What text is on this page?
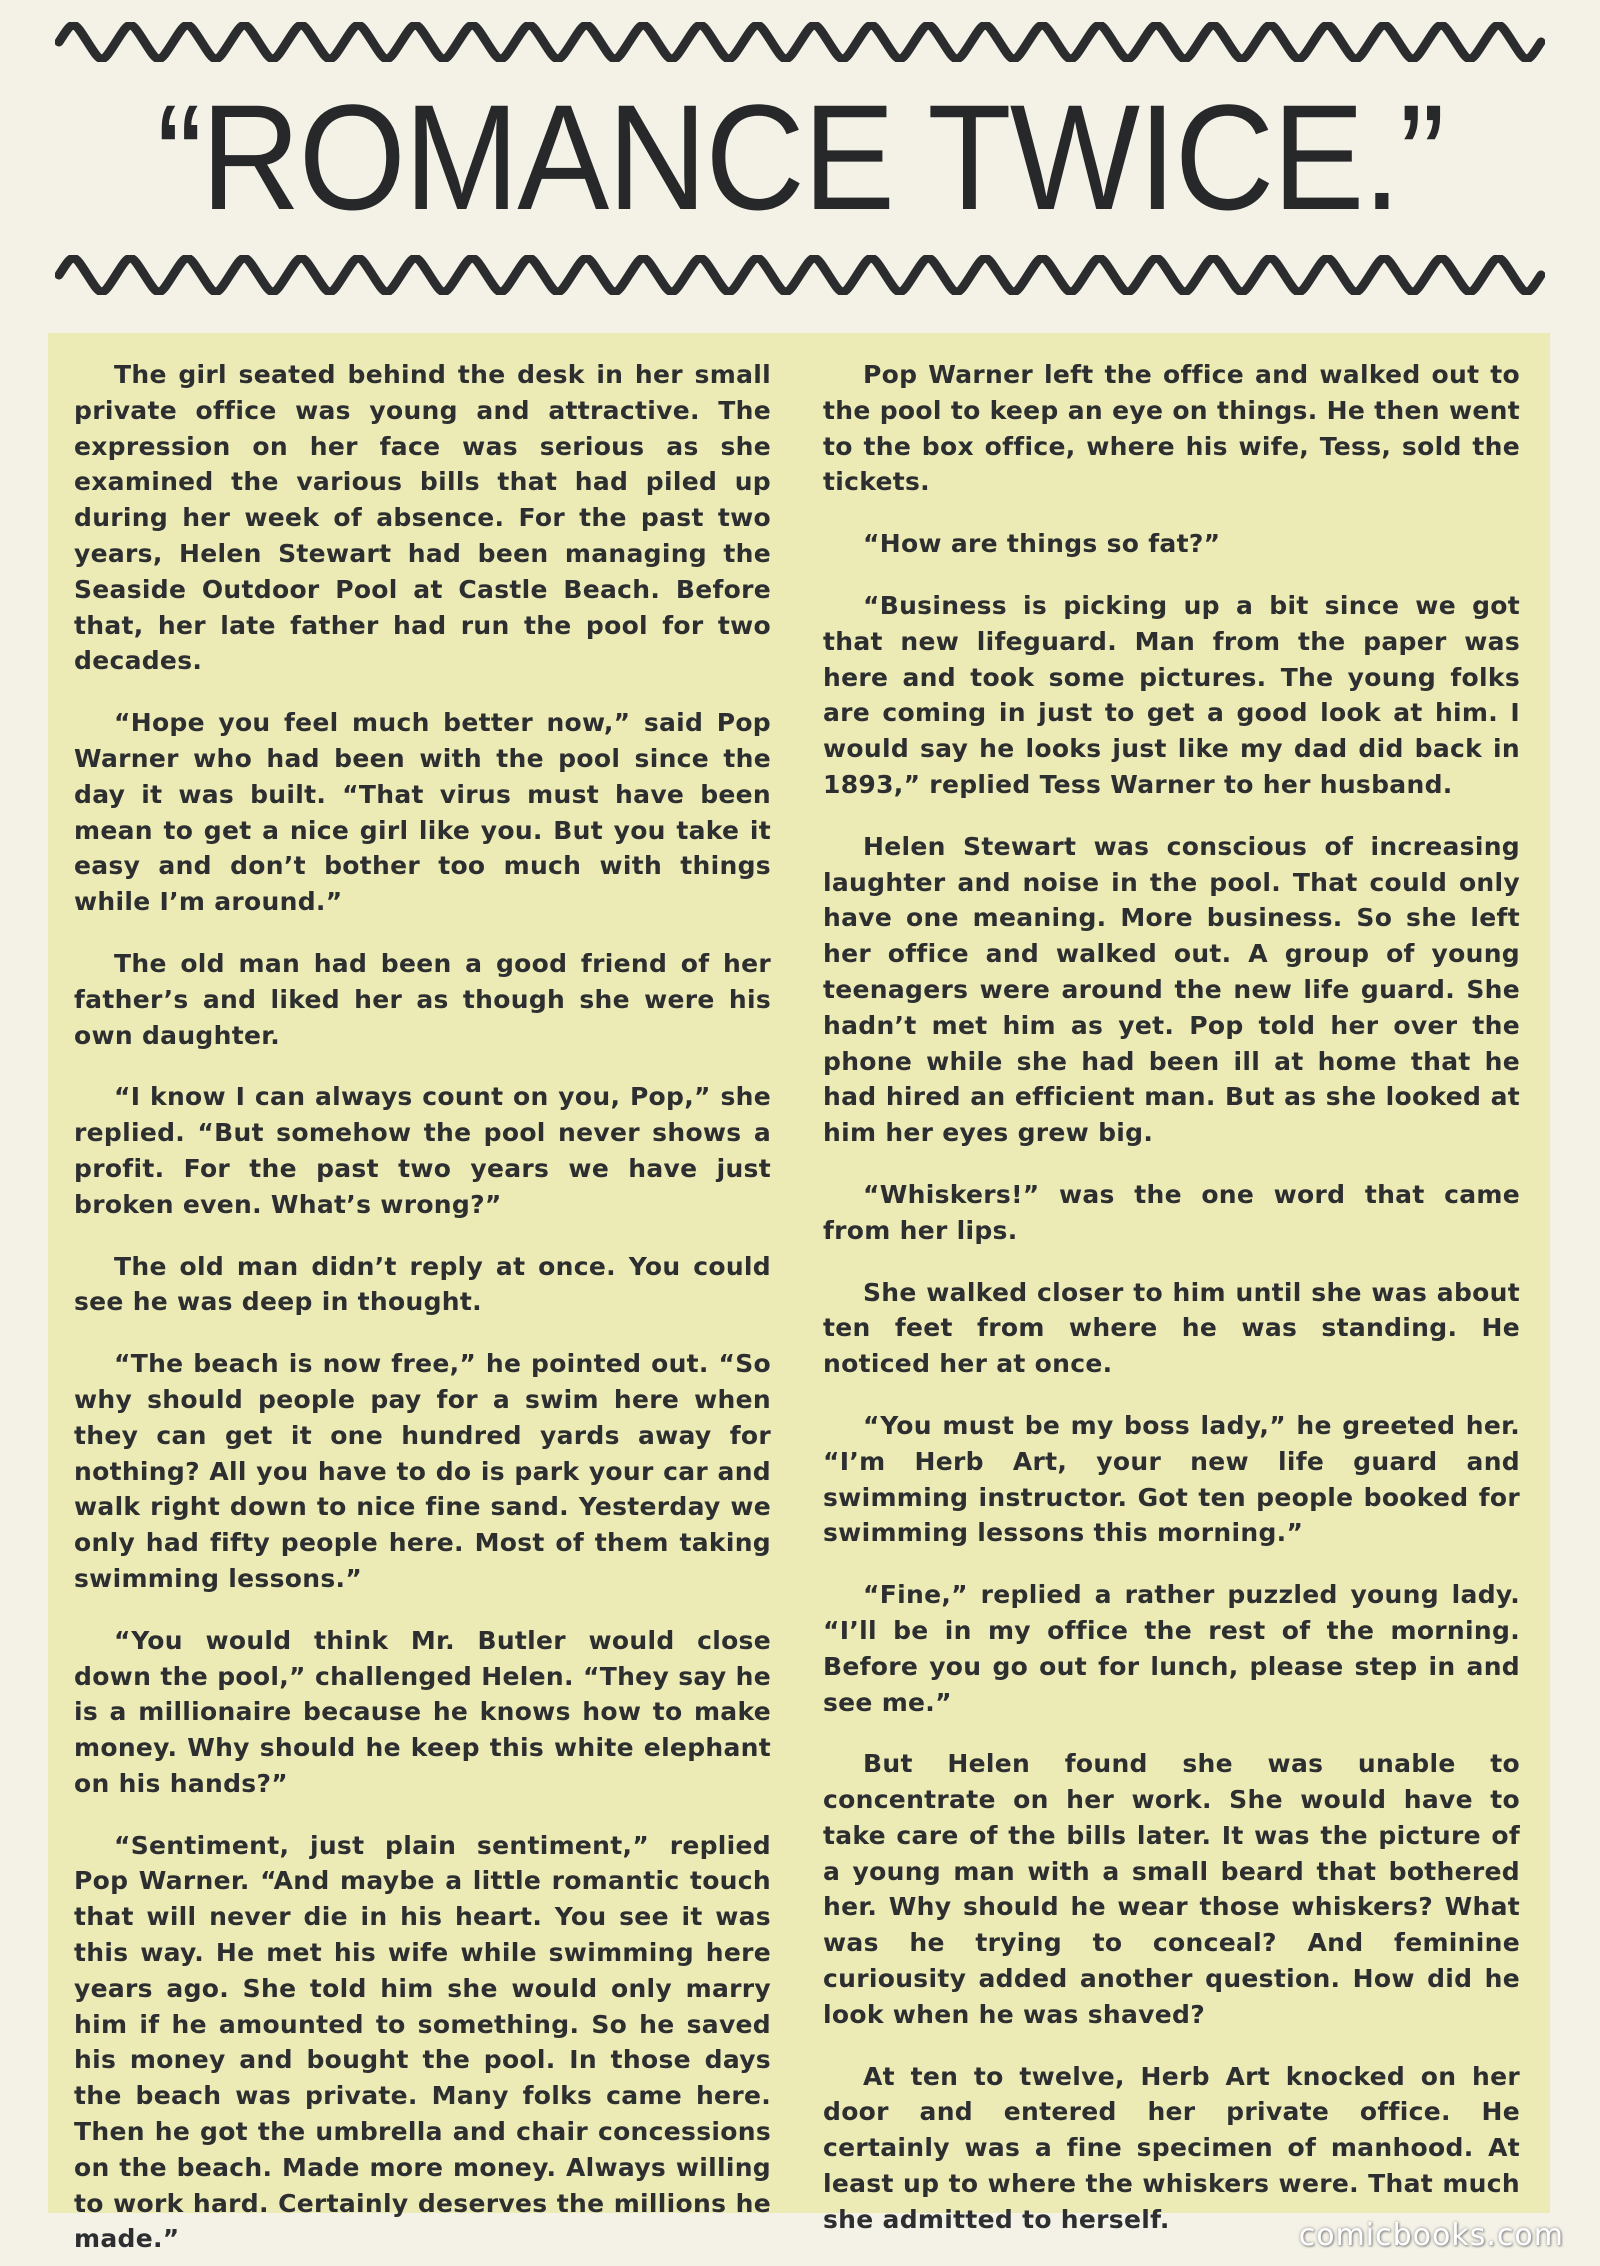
“ROMANCE TWICE.”

The girl seated behind the desk in her small private office was young and attractive. The expression on her face was serious as she examined the various bills that had piled up during her week of absence. For the past two years, Helen Stewart had been managing the Seaside Outdoor Pool at Castle Beach. Before that, her late father had run the pool for two decades.

“Hope you feel much better now,” said Pop Warner who had been with the pool since the day it was built. “That virus must have been mean to get a nice girl like you. But you take it easy and don’t bother too much with things while I’m around.”

The old man had been a good friend of her father’s and liked her as though she were his own daughter.

“I know I can always count on you, Pop,” she replied. “But somehow the pool never shows a profit. For the past two years we have just broken even. What’s wrong?”

The old man didn’t reply at once. You could see he was deep in thought.

“The beach is now free,” he pointed out. “So why should people pay for a swim here when they can get it one hundred yards away for nothing? All you have to do is park your car and walk right down to nice fine sand. Yesterday we only had fifty people here. Most of them taking swimming lessons.”

“You would think Mr. Butler would close down the pool,” challenged Helen. “They say he is a millionaire because he knows how to make money. Why should he keep this white elephant on his hands?”

“Sentiment, just plain sentiment,” replied Pop Warner. “And maybe a little romantic touch that will never die in his heart. You see it was this way. He met his wife while swimming here years ago. She told him she would only marry him if he amounted to something. So he saved his money and bought the pool. In those days the beach was private. Many folks came here. Then he got the umbrella and chair concessions on the beach. Made more money. Always willing to work hard. Certainly deserves the millions he made.”

Pop Warner left the office and walked out to the pool to keep an eye on things. He then went to the box office, where his wife, Tess, sold the tickets.

“How are things so fat?”

“Business is picking up a bit since we got that new lifeguard. Man from the paper was here and took some pictures. The young folks are coming in just to get a good look at him. I would say he looks just like my dad did back in 1893,” replied Tess Warner to her husband.

Helen Stewart was conscious of increasing laughter and noise in the pool. That could only have one meaning. More business. So she left her office and walked out. A group of young teenagers were around the new life guard. She hadn’t met him as yet. Pop told her over the phone while she had been ill at home that he had hired an efficient man. But as she looked at him her eyes grew big.

“Whiskers!” was the one word that came from her lips.

She walked closer to him until she was about ten feet from where he was standing. He noticed her at once.

“You must be my boss lady,” he greeted her. “I’m Herb Art, your new life guard and swimming instructor. Got ten people booked for swimming lessons this morning.”

“Fine,” replied a rather puzzled young lady. “I’ll be in my office the rest of the morning. Before you go out for lunch, please step in and see me.”

But Helen found she was unable to concentrate on her work. She would have to take care of the bills later. It was the picture of a young man with a small beard that bothered her. Why should he wear those whiskers? What was he trying to conceal? And feminine curiousity added another question. How did he look when he was shaved?

At ten to twelve, Herb Art knocked on her door and entered her private office. He certainly was a fine specimen of manhood. At least up to where the whiskers were. That much she admitted to herself.	comicbooks.com
